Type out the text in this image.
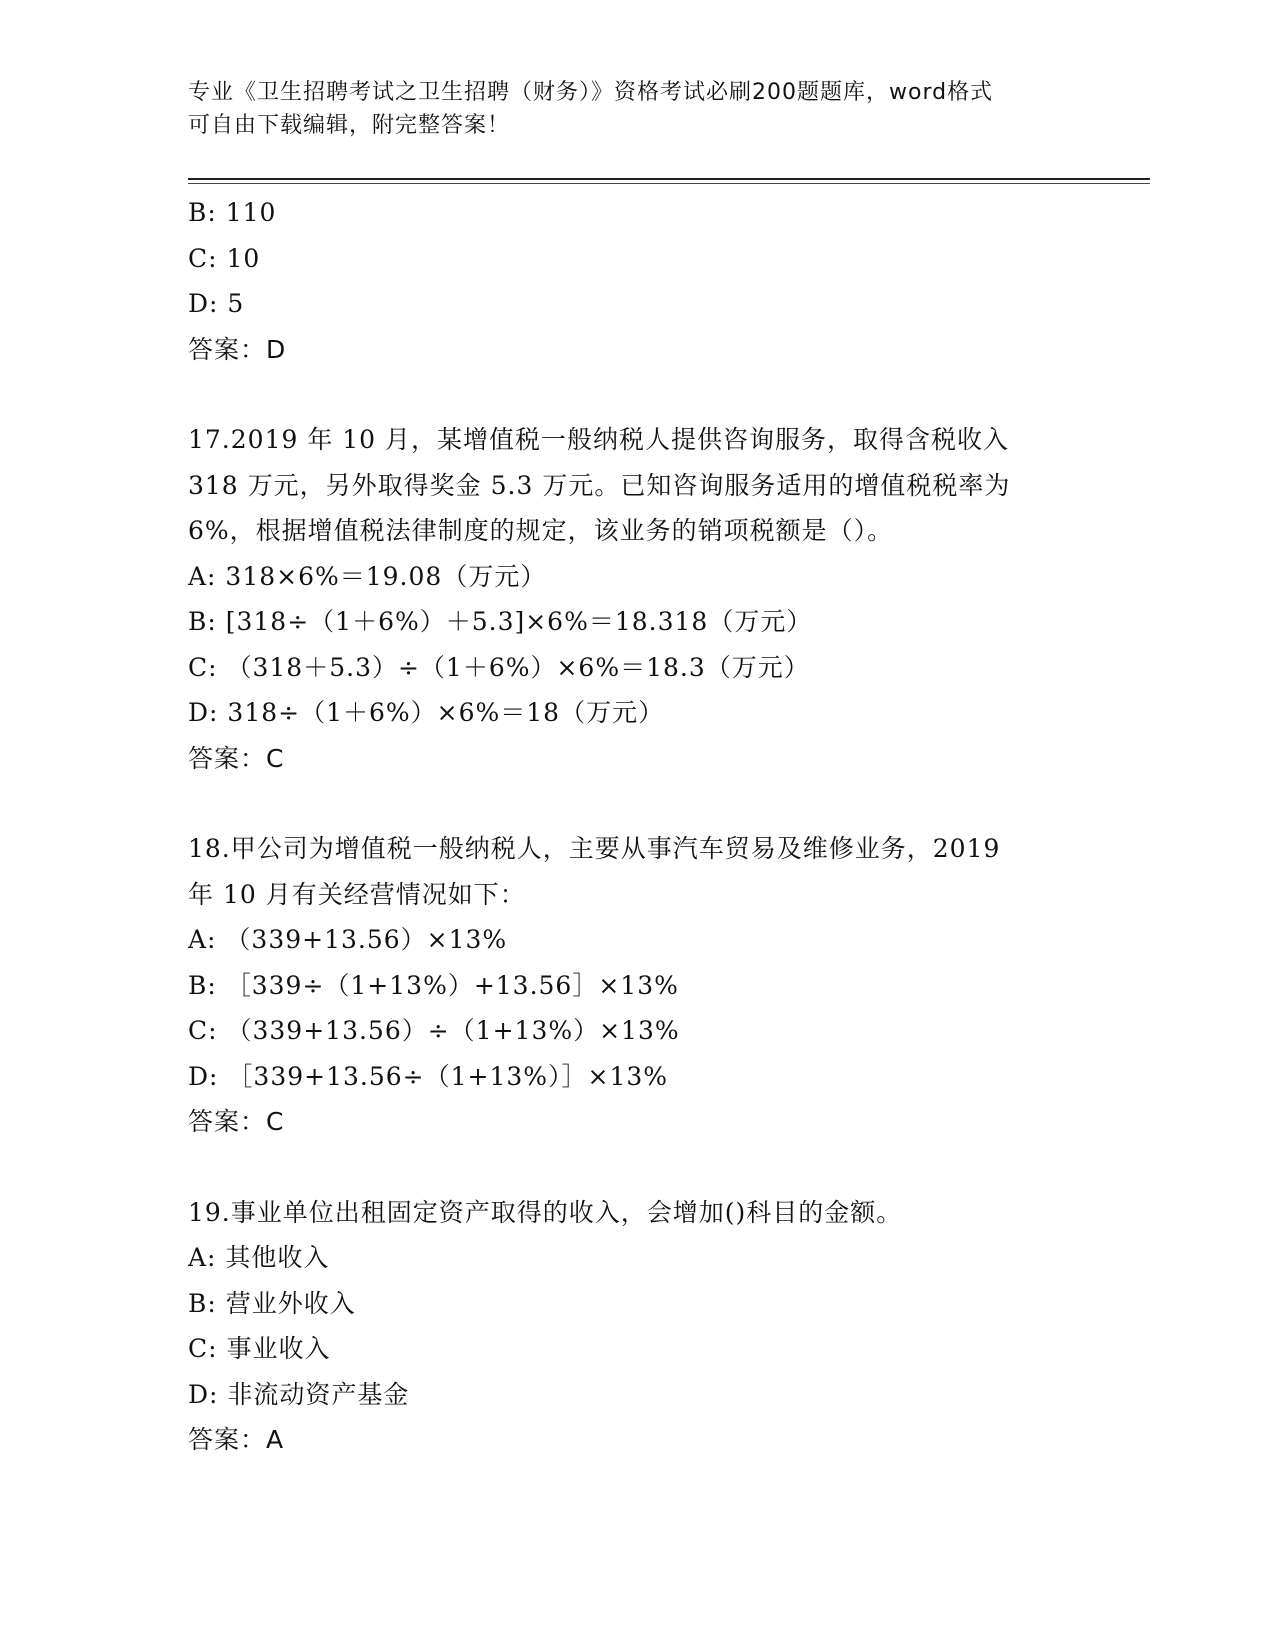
专业《卫生招聘考试之卫生招聘（财务）》资格考试必刷200题题库，word格式
可自由下载编辑，附完整答案！
B: 110
C: 10
D: 5
答案：D
17.2019 年 10 月，某增值税一般纳税人提供咨询服务，取得含税收入
318 万元，另外取得奖金 5.3 万元。已知咨询服务适用的增值税税率为
6%，根据增值税法律制度的规定，该业务的销项税额是（）。
A: 318×6%＝19.08（万元）
B: [318÷（1＋6%）＋5.3]×6%＝18.318（万元）
C: （318＋5.3）÷（1＋6%）×6%＝18.3（万元）
D: 318÷（1＋6%）×6%＝18（万元）
答案：C
18.甲公司为增值税一般纳税人，主要从事汽车贸易及维修业务，2019
年 10 月有关经营情况如下：
A: （339+13.56）×13%
B: ［339÷（1+13%）+13.56］×13%
C: （339+13.56）÷（1+13%）×13%
D: ［339+13.56÷（1+13%）］×13%
答案：C
19.事业单位出租固定资产取得的收入，会增加()科目的金额。
A: 其他收入
B: 营业外收入
C: 事业收入
D: 非流动资产基金
答案：A
